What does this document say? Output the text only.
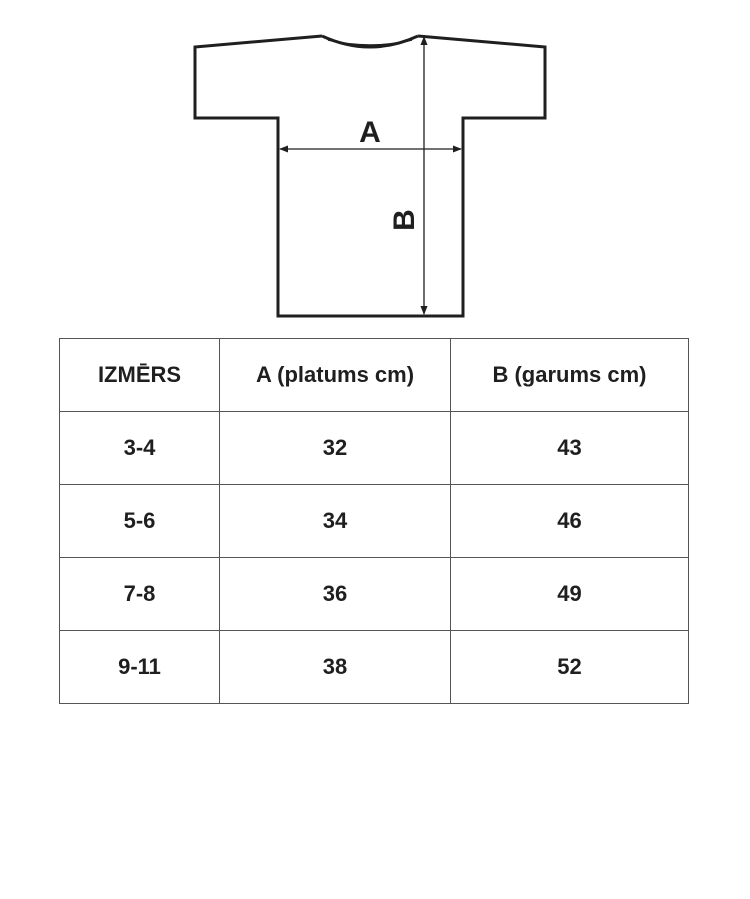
A
B
IZMĒRS	A (platums cm)	B (garums cm)
3-4	32	43
5-6	34	46
7-8	36	49
9-11	38	52
